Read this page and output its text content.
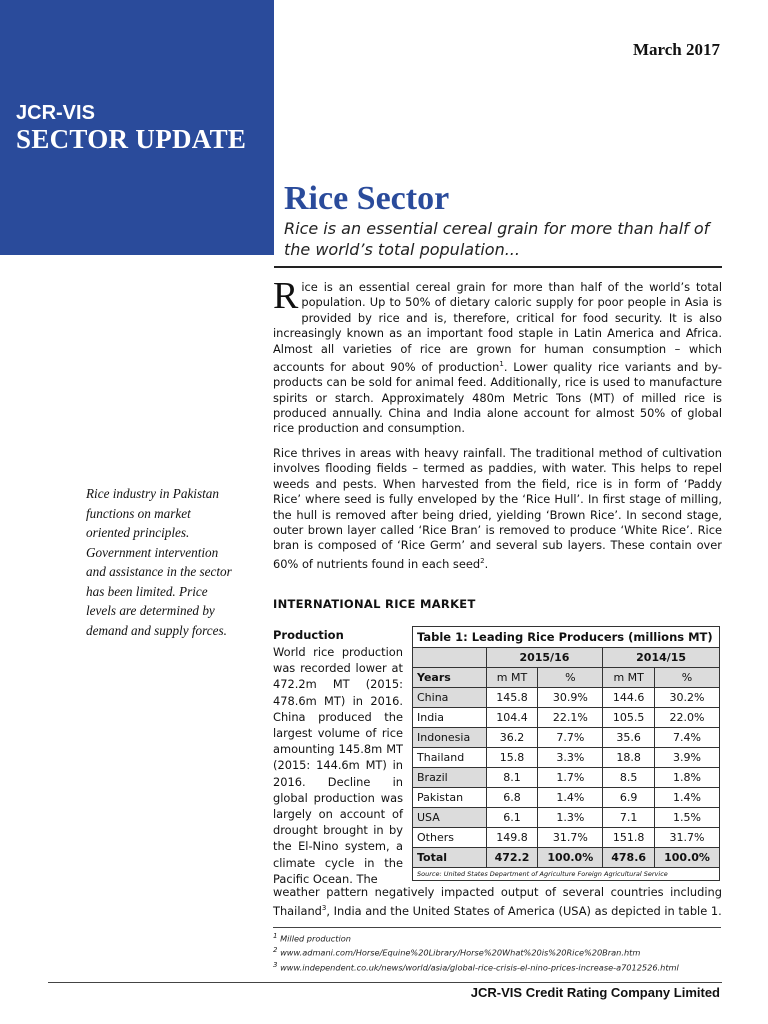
JCR-VIS
SECTOR UPDATE
March 2017
Rice Sector
Rice is an essential cereal grain for more than half of the world’s total population...
Rice is an essential cereal grain for more than half of the world’s total population. Up to 50% of dietary caloric supply for poor people in Asia is provided by rice and is, therefore, critical for food security. It is also increasingly known as an important food staple in Latin America and Africa. Almost all varieties of rice are grown for human consumption – which accounts for about 90% of production$^1$. Lower quality rice variants and by-products can be sold for animal feed. Additionally, rice is used to manufacture spirits or starch. Approximately 480m Metric Tons (MT) of milled rice is produced annually. China and India alone account for almost 50% of global rice production and consumption.
Rice thrives in areas with heavy rainfall. The traditional method of cultivation involves flooding fields – termed as paddies, with water. This helps to repel weeds and pests. When harvested from the field, rice is in form of ‘Paddy Rice’ where seed is fully enveloped by the ‘Rice Hull’. In first stage of milling, the hull is removed after being dried, yielding ‘Brown Rice’. In second stage, outer brown layer called ‘Rice Bran’ is removed to produce ‘White Rice’. Rice bran is composed of ‘Rice Germ’ and several sub layers. These contain over 60% of nutrients found in each seed$^2$.
Rice industry in Pakistan functions on market oriented principles. Government intervention and assistance in the sector has been limited. Price levels are determined by demand and supply forces.
INTERNATIONAL RICE MARKET
Production
World rice production was recorded lower at 472.2m MT (2015: 478.6m MT) in 2016. China produced the largest volume of rice amounting 145.8m MT (2015: 144.6m MT) in 2016. Decline in global production was largely on account of drought brought in by the El-Nino system, a climate cycle in the Pacific Ocean. The
Table 1: Leading Rice Producers (millions MT)				
	2015/16		2014/15	
Years	m MT	%	m MT	%
China	145.8	30.9%	144.6	30.2%
India	104.4	22.1%	105.5	22.0%
Indonesia	36.2	7.7%	35.6	7.4%
Thailand	15.8	3.3%	18.8	3.9%
Brazil	8.1	1.7%	8.5	1.8%
Pakistan	6.8	1.4%	6.9	1.4%
USA	6.1	1.3%	7.1	1.5%
Others	149.8	31.7%	151.8	31.7%
Total	472.2	100.0%	478.6	100.0%
Source: United States Department of Agriculture Foreign Agricultural Service				
weather pattern negatively impacted output of several countries including Thailand$^3$, India and the United States of America (USA) as depicted in table 1.
$^1$ Milled production
$^2$ www.admani.com/Horse/Equine%20Library/Horse%20What%20is%20Rice%20Bran.htm
$^3$ www.independent.co.uk/news/world/asia/global-rice-crisis-el-nino-prices-increase-a7012526.html
JCR-VIS Credit Rating Company Limited
